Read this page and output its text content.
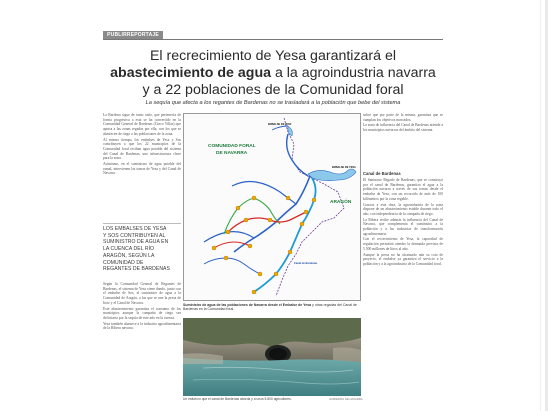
PUBLIRREPORTAJE
El recrecimiento de Yesa garantizará el
abastecimiento de agua a la agroindustria navarra
y a 22 poblaciones de la Comunidad foral
La sequía que afecta a los regantes de Bardenas no se trasladará a la población que bebe del sistema

La Bardena sigue de tanto caño, que pertenecía de forma progresiva a esta se ha convertido en la Comunidad General de Bardenas (Cinco Villas) que aporta a las zonas regadas por ella, con los que se abastecen de riego a las poblaciones de la zona.

Al mismo tiempo, los embalses de Yesa y Sos contribuyen a que los 22 municipios de la Comunidad foral reciban agua potable del sistema del Canal de Bardenas, una infraestructura clave para la zona.

Asimismo, en el suministro de agua potable del ramal, intervienen las tomas de Yesa y del Canal de Navarra.

LOS EMBALSES DE YESA
Y SOS CONTRIBUYEN AL
SUMINISTRO DE AGUA EN
LA CUENCA DEL RÍO
ARAGÓN, SEGÚN LA
COMUNIDAD DE
REGANTES DE BARDENAS

Según la Comunidad General de Regantes de Bardenas, el sistema de Yesa viene dando, junto con el embalse de Sos, el suministro de agua a la Comunidad de Aragón, a las que se une la presa de Itoiz y el Canal de Navarra.

Este abastecimiento garantiza el consumo de los municipios aunque la campaña de riego sea deficitaria por la sequía de este año en la cuenca.

Yesa también abastece a la industria agroalimentaria de la Ribera navarra.

COMUNIDAD FORAL
DE NAVARRA
ARAGÓN
EMBALSE DE ITOIZ
EMBALSE DE YESA
Canal de Bardenas
Suministro de agua de las poblaciones de Navarra desde el Embalse de Yesa y otras regadas del Canal de Bardenas en la Comunidad foral.
Un esfuerzo que el canal de Bardenas aborda y a unos 5.800 agricultores.	GOBIERNO DE NAVARRA

sobre que por parte de la misma, garantiza que se cumplan los objetivos marcados.

La zona de influencia del Canal de Bardenas atiende a los municipios navarros del ámbito del sistema.

Canal de Bardenas

El Santuario Regado de Bardenas, que se construyó por el canal de Bardenas, garantiza el agua a la población navarra a través de sus tomas desde el embalse de Yesa, con un recorrido de más de 100 kilómetros por la zona regable.

Gracias a esta obra, la agroindustria de la zona dispone de un abastecimiento estable durante todo el año, con independencia de la campaña de riego.

La Ribera recibe además la influencia del Canal de Navarra, que complementa el suministro a la población y a las industrias de transformación agroalimentaria.

Con el recrecimiento de Yesa, la capacidad de regulación permitirá atender la demanda prevista de 5.500 millones de litros al año.

Aunque la presa no ha alcanzado aún su cota de proyecto, el embalse ya garantiza el servicio a la población y a la agroindustria de la Comunidad foral.
